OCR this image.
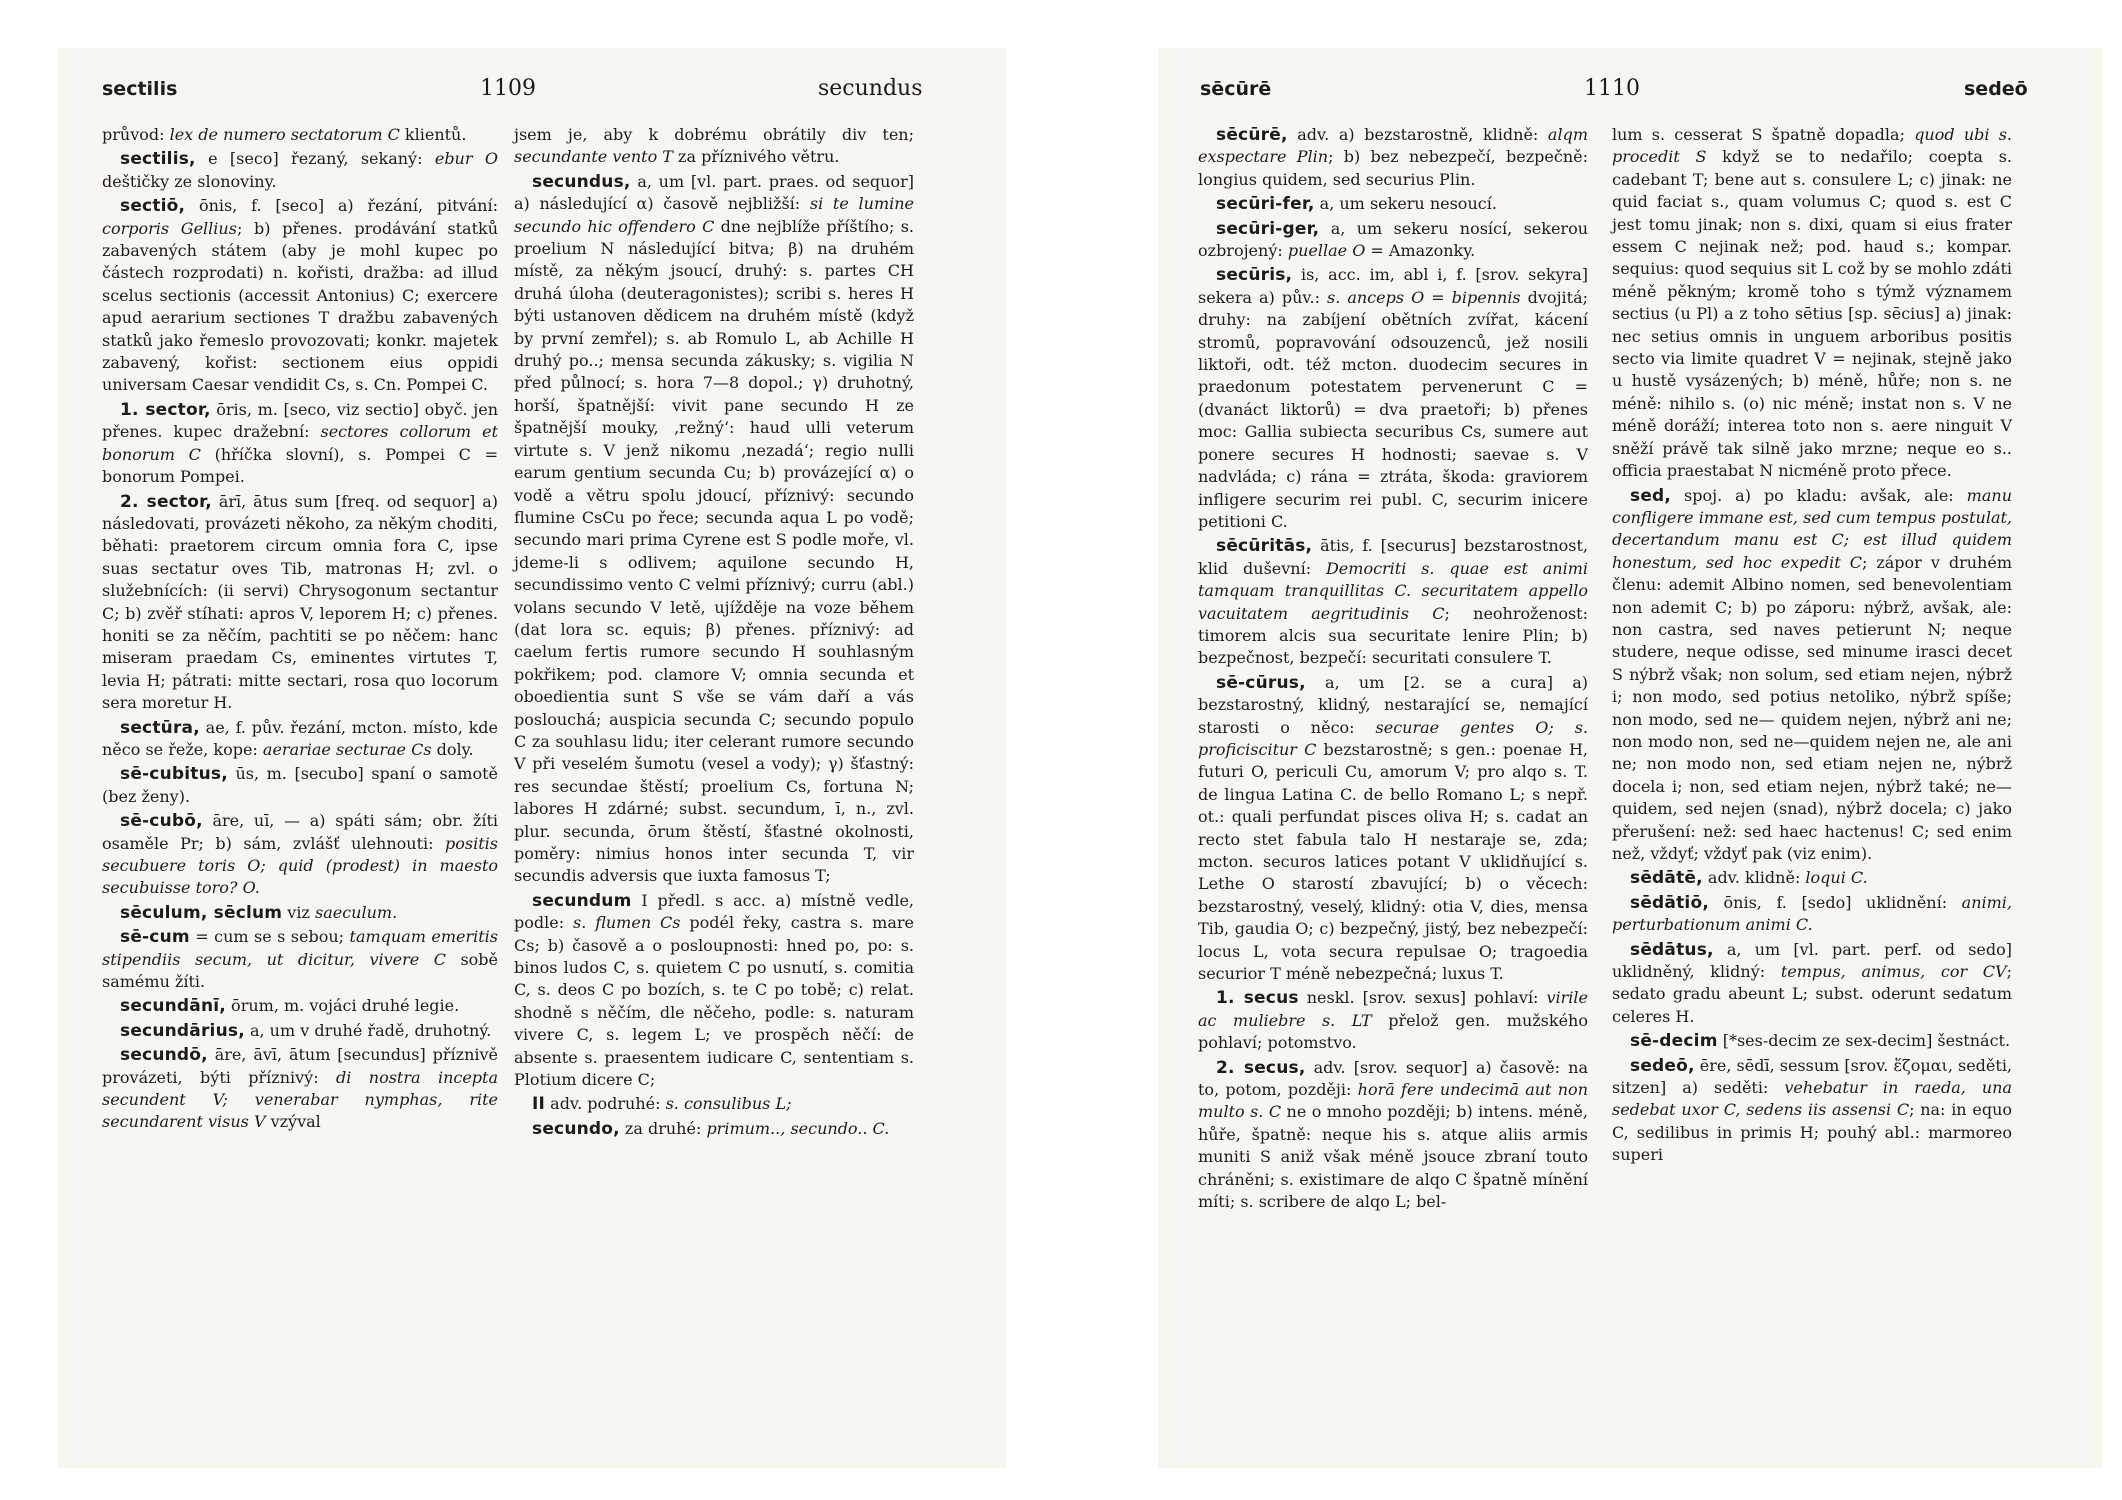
sectilis	1109	secundus

průvod: lex de numero sectatorum C klientů.

sectilis, e [seco] řezaný, sekaný: ebur O deštičky ze slonoviny.

sectiō, ōnis, f. [seco] a) řezání, pitvání: corporis Gellius; b) přenes. prodávání statků zabavených státem (aby je mohl kupec po částech rozprodati) n. kořisti, dražba: ad illud scelus sectionis (accessit Antonius) C; exercere apud aerarium sectiones T dražbu zabavených statků jako řemeslo provozovati; konkr. majetek zabavený, kořist: sectionem eius oppidi universam Caesar vendidit Cs, s. Cn. Pompei C.

1. sector, ōris, m. [seco, viz sectio] obyč. jen přenes. kupec dražební: sectores collorum et bonorum C (hříčka slovní), s. Pompei C = bonorum Pompei.

2. sector, ārī, ātus sum [freq. od sequor] a) následovati, provázeti někoho, za někým choditi, běhati: praetorem circum omnia fora C, ipse suas sectatur oves Tib, matronas H; zvl. o služebnících: (ii servi) Chrysogonum sectantur C; b) zvěř stíhati: apros V, leporem H; c) přenes. honiti se za něčím, pachtiti se po něčem: hanc miseram praedam Cs, eminentes virtutes T, levia H; pátrati: mitte sectari, rosa quo locorum sera moretur H.

sectūra, ae, f. pův. řezání, mcton. místo, kde něco se řeže, kope: aerariae secturae Cs doly.

sē-cubitus, ūs, m. [secubo] spaní o samotě (bez ženy).

sē-cubō, āre, uī, — a) spáti sám; obr. žíti osaměle Pr; b) sám, zvlášť ulehnouti: positis secubuere toris O; quid (prodest) in maesto secubuisse toro? O.

sēculum, sēclum viz saeculum.

sē-cum = cum se s sebou; tamquam emeritis stipendiis secum, ut dicitur, vivere C sobě samému žíti.

secundānī, ōrum, m. vojáci druhé legie.

secundārius, a, um v druhé řadě, druhotný.

secundō, āre, āvī, ātum [secundus] příznivě provázeti, býti příznivý: di nostra incepta secundent V; venerabar nymphas, rite secundarent visus V vzýval

jsem je, aby k dobrému obrátily div ten; secundante vento T za příznivého větru.

secundus, a, um [vl. part. praes. od sequor] a) následující α) časově nejbližší: si te lumine secundo hic offendero C dne nejblíže příštího; s. proelium N následující bitva; β) na druhém místě, za někým jsoucí, druhý: s. partes CH druhá úloha (deuteragonistes); scribi s. heres H býti ustanoven dědicem na druhém místě (když by první zemřel); s. ab Romulo L, ab Achille H druhý po..; mensa secunda zákusky; s. vigilia N před půlnocí; s. hora 7—8 dopol.; γ) druhotný, horší, špatnější: vivit pane secundo H ze špatnější mouky, ‚režný‘: haud ulli veterum virtute s. V jenž nikomu ‚nezadá‘; regio nulli earum gentium secunda Cu; b) provázející α) o vodě a větru spolu jdoucí, příznivý: secundo flumine CsCu po řece; secunda aqua L po vodě; secundo mari prima Cyrene est S podle moře, vl. jdeme-li s odlivem; aquilone secundo H, secundissimo vento C velmi příznivý; curru (abl.) volans secundo V letě, ujížděje na voze během (dat lora sc. equis; β) přenes. příznivý: ad caelum fertis rumore secundo H souhlasným pokřikem; pod. clamore V; omnia secunda et oboedientia sunt S vše se vám daří a vás poslouchá; auspicia secunda C; secundo populo C za souhlasu lidu; iter celerant rumore secundo V při veselém šumotu (vesel a vody); γ) šťastný: res secundae štěstí; proelium Cs, fortuna N; labores H zdárné; subst. secundum, ī, n., zvl. plur. secunda, ōrum štěstí, šťastné okolnosti, poměry: nimius honos inter secunda T, vir secundis adversis que iuxta famosus T;

secundum I předl. s acc. a) místně vedle, podle: s. flumen Cs podél řeky, castra s. mare Cs; b) časově a o posloupnosti: hned po, po: s. binos ludos C, s. quietem C po usnutí, s. comitia C, s. deos C po bozích, s. te C po tobě; c) relat. shodně s něčím, dle něčeho, podle: s. naturam vivere C, s. legem L; ve prospěch něčí: de absente s. praesentem iudicare C, sententiam s. Plotium dicere C;

II adv. podruhé: s. consulibus L;

secundo, za druhé: primum.., secundo.. C.

sēcūrē	1110	sedeō

sēcūrē, adv. a) bezstarostně, klidně: alqm exspectare Plin; b) bez nebezpečí, bezpečně: longius quidem, sed securius Plin.

secūri-fer, a, um sekeru nesoucí.

secūri-ger, a, um sekeru nosící, sekerou ozbrojený: puellae O = Amazonky.

secūris, is, acc. im, abl i, f. [srov. sekyra] sekera a) pův.: s. anceps O = bipennis dvojitá; druhy: na zabíjení obětních zvířat, kácení stromů, popravování odsouzenců, jež nosili liktoři, odt. též mcton. duodecim secures in praedonum potestatem pervenerunt C = (dvanáct liktorů) = dva praetoři; b) přenes moc: Gallia subiecta securibus Cs, sumere aut ponere secures H hodnosti; saevae s. V nadvláda; c) rána = ztráta, škoda: graviorem infligere securim rei publ. C, securim inicere petitioni C.

sēcūritās, ātis, f. [securus] bezstarostnost, klid duševní: Democriti s. quae est animi tamquam tranquillitas C. securitatem appello vacuitatem aegritudinis C; neohroženost: timorem alcis sua securitate lenire Plin; b) bezpečnost, bezpečí: securitati consulere T.

sē-cūrus, a, um [2. se a cura] a) bezstarostný, klidný, nestarající se, nemající starosti o něco: securae gentes O; s. proficiscitur C bezstarostně; s gen.: poenae H, futuri O, periculi Cu, amorum V; pro alqo s. T. de lingua Latina C. de bello Romano L; s nepř. ot.: quali perfundat pisces oliva H; s. cadat an recto stet fabula talo H nestaraje se, zda; mcton. securos latices potant V uklidňující s. Lethe O starostí zbavující; b) o věcech: bezstarostný, veselý, klidný: otia V, dies, mensa Tib, gaudia O; c) bezpečný, jistý, bez nebezpečí: locus L, vota secura repulsae O; tragoedia securior T méně nebezpečná; luxus T.

1. secus neskl. [srov. sexus] pohlaví: virile ac muliebre s. LT přelož gen. mužského pohlaví; potomstvo.

2. secus, adv. [srov. sequor] a) časově: na to, potom, později: horā fere undecimā aut non multo s. C ne o mnoho později; b) intens. méně, hůře, špatně: neque his s. atque aliis armis muniti S aniž však méně jsouce zbraní touto chráněni; s. existimare de alqo C špatně mínění míti; s. scribere de alqo L; bel-

lum s. cesserat S špatně dopadla; quod ubi s. procedit S když se to nedařilo; coepta s. cadebant T; bene aut s. consulere L; c) jinak: ne quid faciat s., quam volumus C; quod s. est C jest tomu jinak; non s. dixi, quam si eius frater essem C nejinak než; pod. haud s.; kompar. sequius: quod sequius sit L což by se mohlo zdáti méně pěkným; kromě toho s týmž významem sectius (u Pl) a z toho sētius [sp. sēcius] a) jinak: nec setius omnis in unguem arboribus positis secto via limite quadret V = nejinak, stejně jako u hustě vysázených; b) méně, hůře; non s. ne méně: nihilo s. (o) nic méně; instat non s. V ne méně doráží; interea toto non s. aere ninguit V sněží právě tak silně jako mrzne; neque eo s.. officia praestabat N nicméně proto přece.

sed, spoj. a) po kladu: avšak, ale: manu confligere immane est, sed cum tempus postulat, decertandum manu est C; est illud quidem honestum, sed hoc expedit C; zápor v druhém členu: ademit Albino nomen, sed benevolentiam non ademit C; b) po záporu: nýbrž, avšak, ale: non castra, sed naves petierunt N; neque studere, neque odisse, sed minume irasci decet S nýbrž však; non solum, sed etiam nejen, nýbrž i; non modo, sed potius netoliko, nýbrž spíše; non modo, sed ne— quidem nejen, nýbrž ani ne; non modo non, sed ne—quidem nejen ne, ale ani ne; non modo non, sed etiam nejen ne, nýbrž docela i; non, sed etiam nejen, nýbrž také; ne—quidem, sed nejen (snad), nýbrž docela; c) jako přerušení: než: sed haec hactenus! C; sed enim než, vždyť; vždyť pak (viz enim).

sēdātē, adv. klidně: loqui C.

sēdātiō, ōnis, f. [sedo] uklidnění: animi, perturbationum animi C.

sēdātus, a, um [vl. part. perf. od sedo] uklidněný, klidný: tempus, animus, cor CV; sedato gradu abeunt L; subst. oderunt sedatum celeres H.

sē-decim [*ses-decim ze sex-decim] šestnáct.

sedeō, ēre, sēdī, sessum [srov. ἕζομαι, seděti, sitzen] a) seděti: vehebatur in raeda, una sedebat uxor C, sedens iis assensi C; na: in equo C, sedilibus in primis H; pouhý abl.: marmoreo superi
